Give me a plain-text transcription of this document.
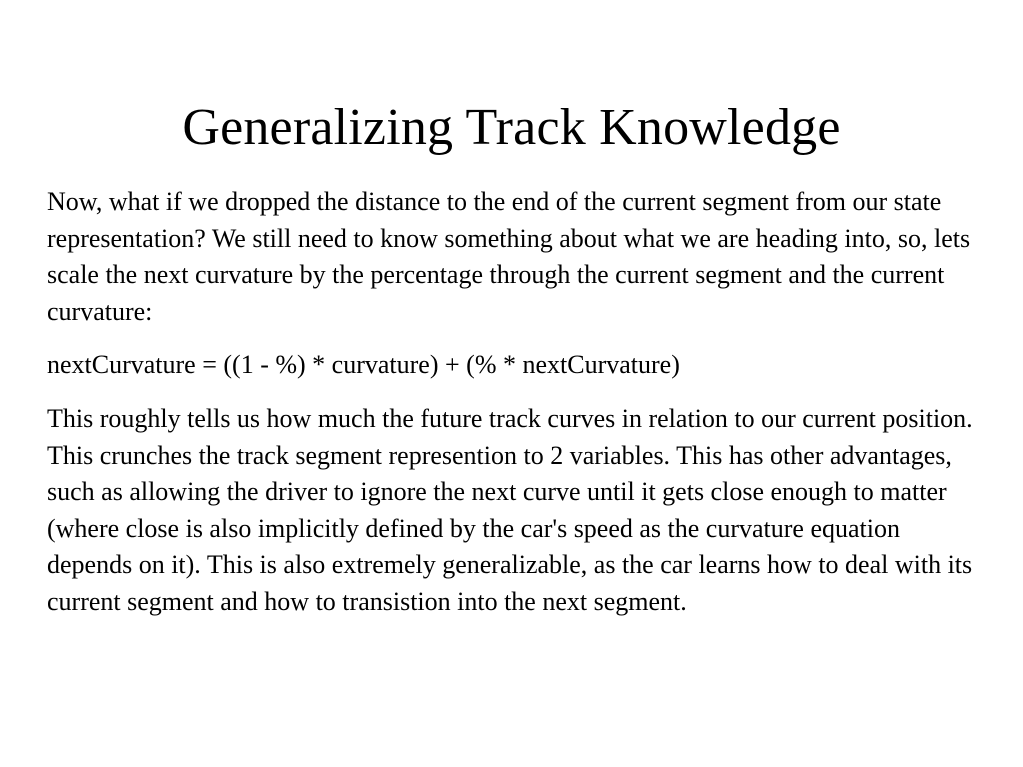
Generalizing Track Knowledge

Now, what if we dropped the distance to the end of the current segment from our state representation? We still need to know something about what we are heading into, so, lets scale the next curvature by the percentage through the current segment and the current curvature:

nextCurvature = ((1 - %) * curvature) + (% * nextCurvature)

This roughly tells us how much the future track curves in relation to our current position. This crunches the track segment represention to 2 variables. This has other advantages, such as allowing the driver to ignore the next curve until it gets close enough to matter (where close is also implicitly defined by the car's speed as the curvature equation depends on it). This is also extremely generalizable, as the car learns how to deal with its current segment and how to transistion into the next segment.
